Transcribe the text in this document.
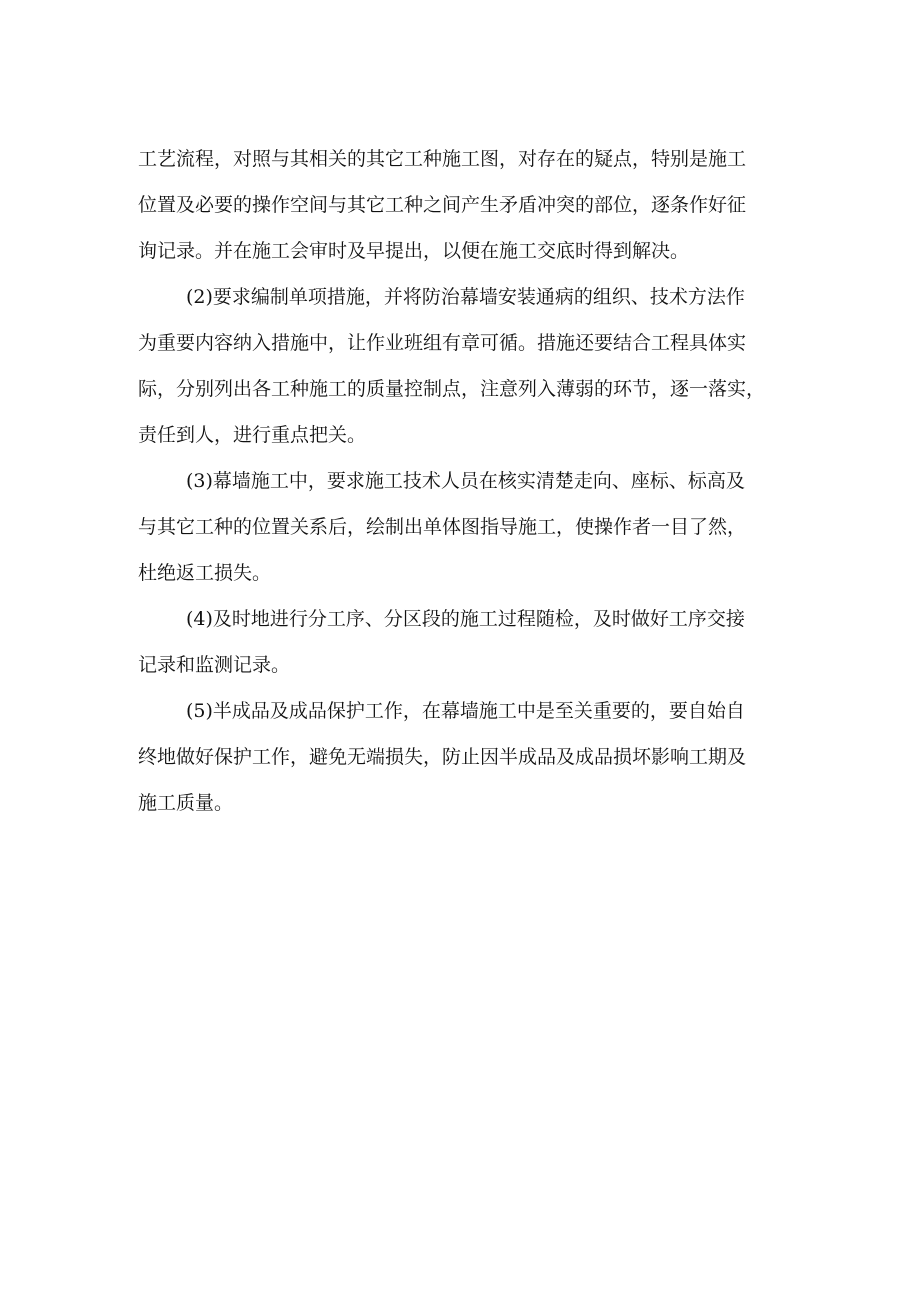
工艺流程，对照与其相关的其它工种施工图，对存在的疑点，特别是施工
位置及必要的操作空间与其它工种之间产生矛盾冲突的部位，逐条作好征
询记录。并在施工会审时及早提出，以便在施工交底时得到解决。

(2)要求编制单项措施，并将防治幕墙安装通病的组织、技术方法作
为重要内容纳入措施中，让作业班组有章可循。措施还要结合工程具体实
际，分别列出各工种施工的质量控制点，注意列入薄弱的环节，逐一落实，
责任到人，进行重点把关。

(3)幕墙施工中，要求施工技术人员在核实清楚走向、座标、标高及
与其它工种的位置关系后，绘制出单体图指导施工，使操作者一目了然，
杜绝返工损失。

(4)及时地进行分工序、分区段的施工过程随检，及时做好工序交接
记录和监测记录。

(5)半成品及成品保护工作，在幕墙施工中是至关重要的，要自始自
终地做好保护工作，避免无端损失，防止因半成品及成品损坏影响工期及
施工质量。
